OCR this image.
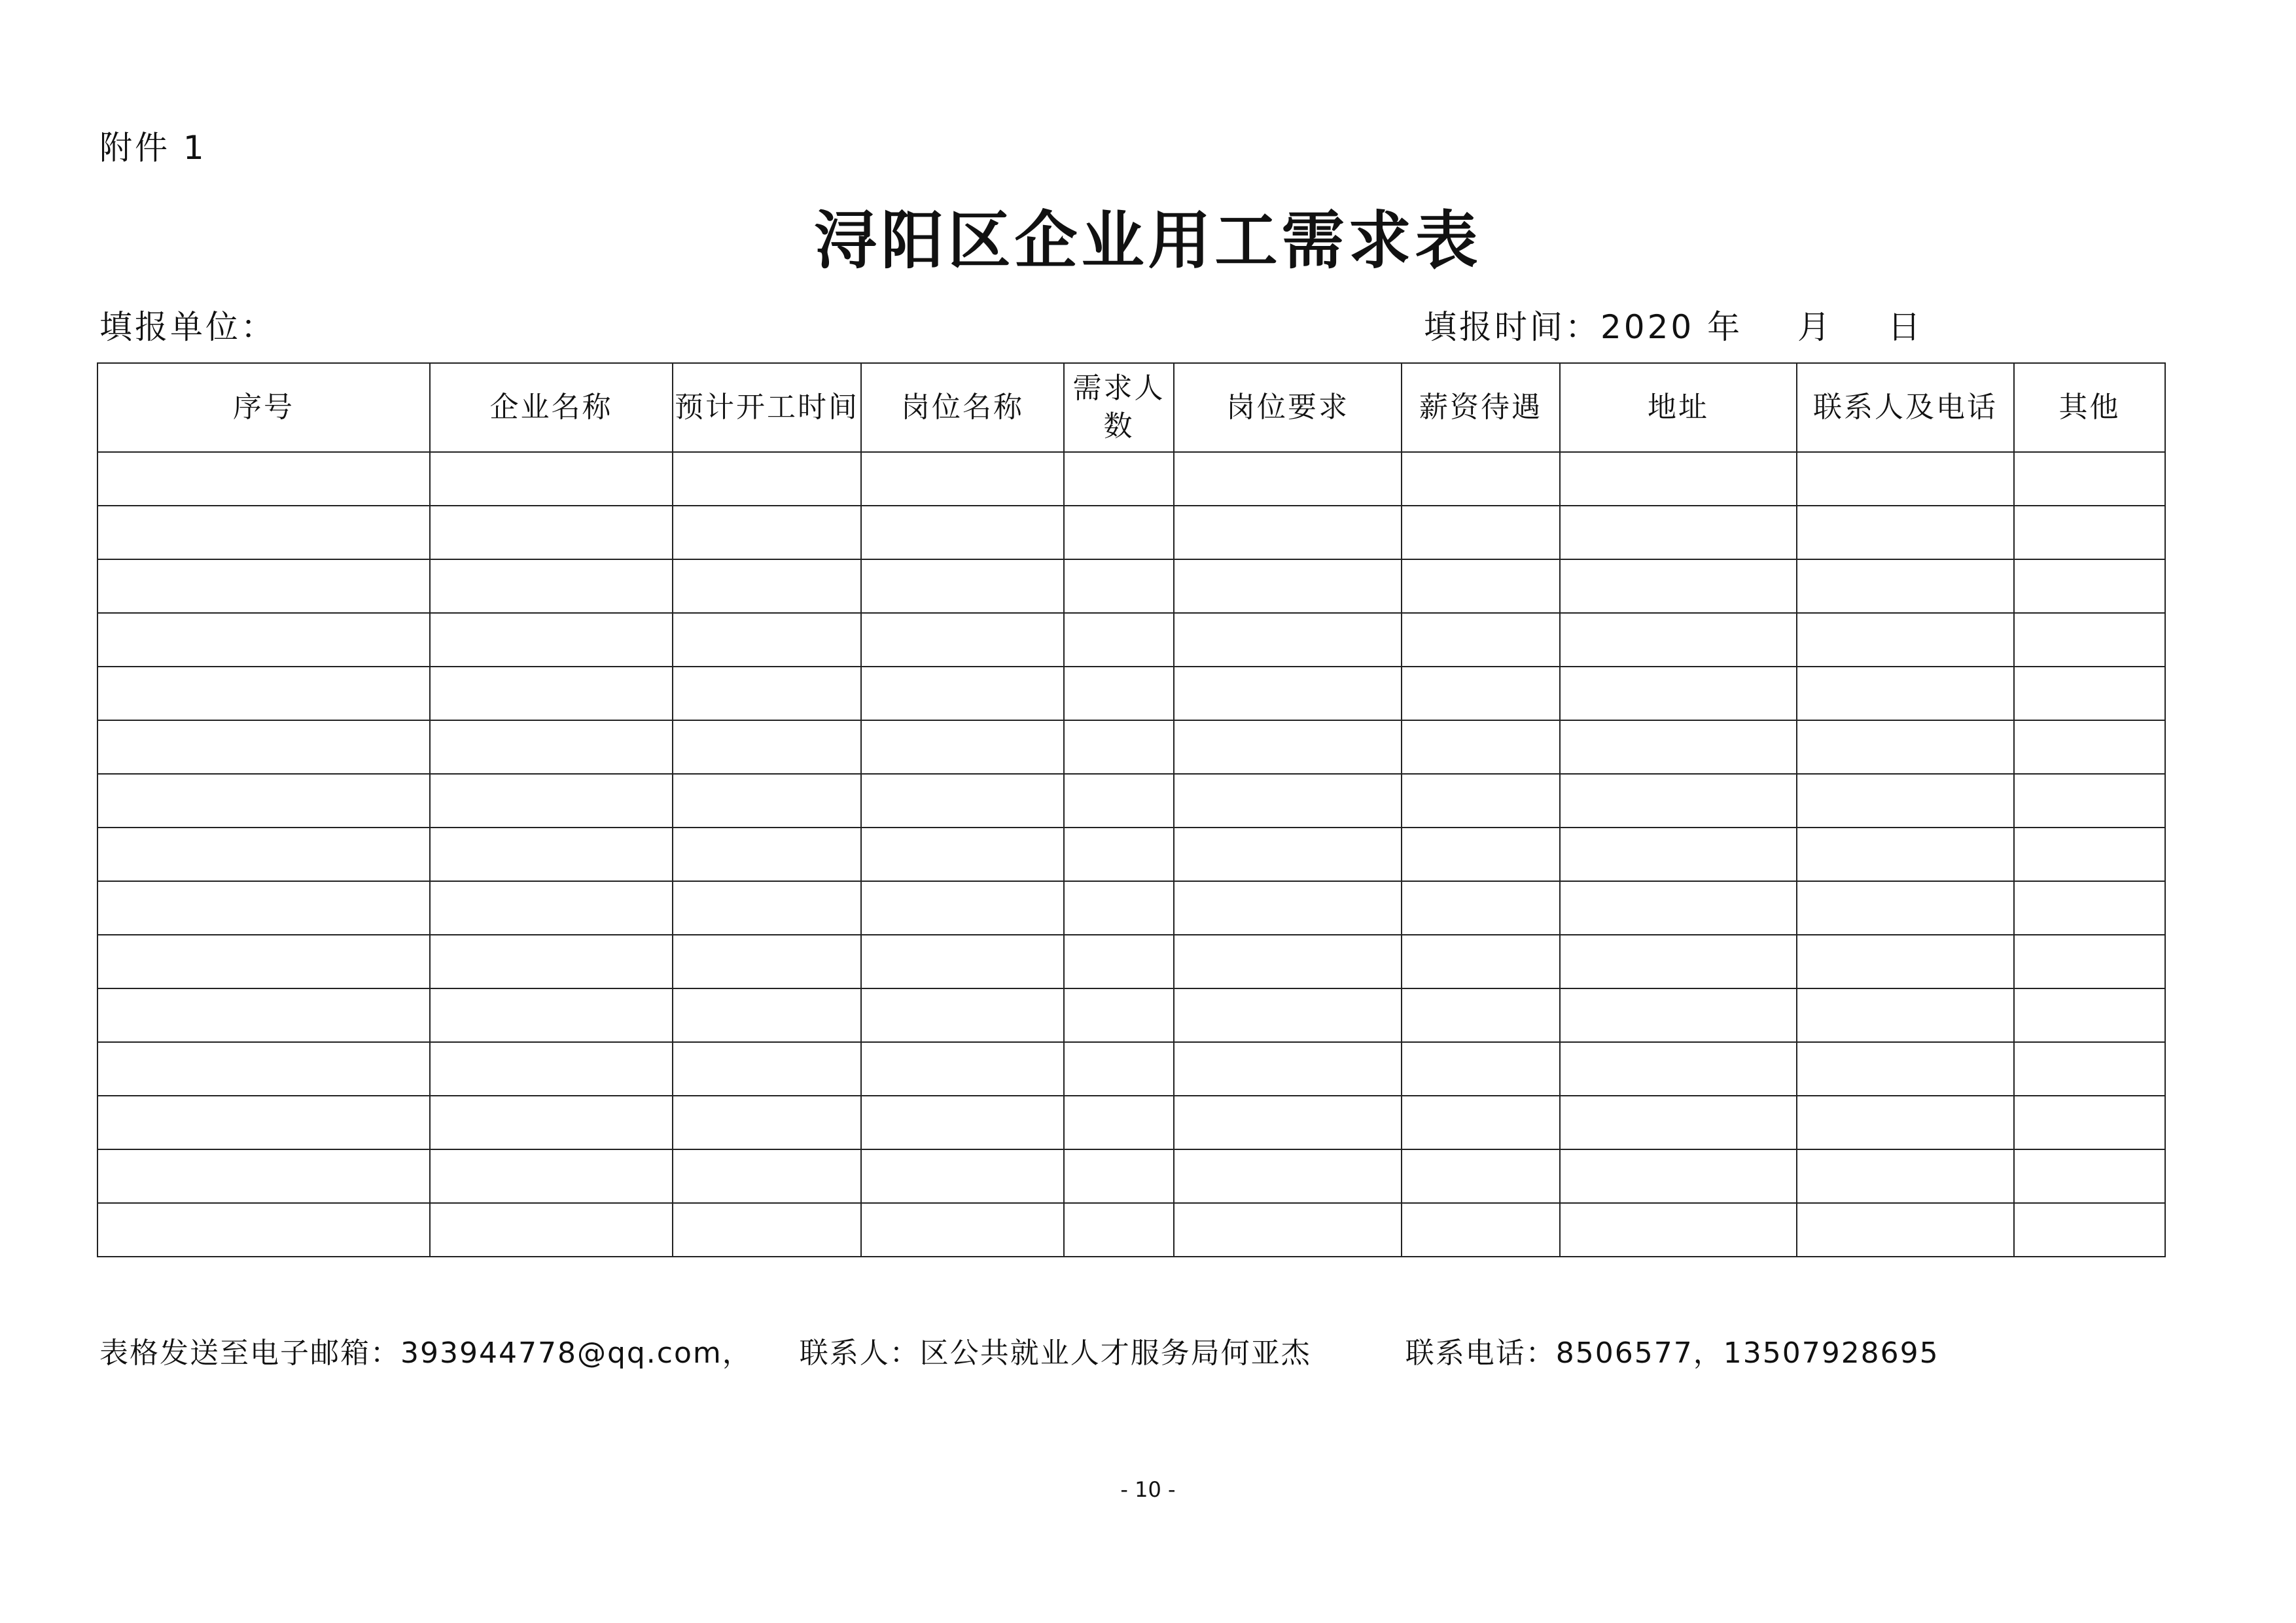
附件 1
浔阳区企业用工需求表
填报单位：	填报时间：2020 年 月 日
序号	企业名称	预计开工时间	岗位名称	需求人数	岗位要求	薪资待遇	地址	联系人及电话	其他

表格发送至电子邮箱：393944778@qq.com， 联系人：区公共就业人才服务局何亚杰	联系电话：8506577，13507928695
- 10 -
